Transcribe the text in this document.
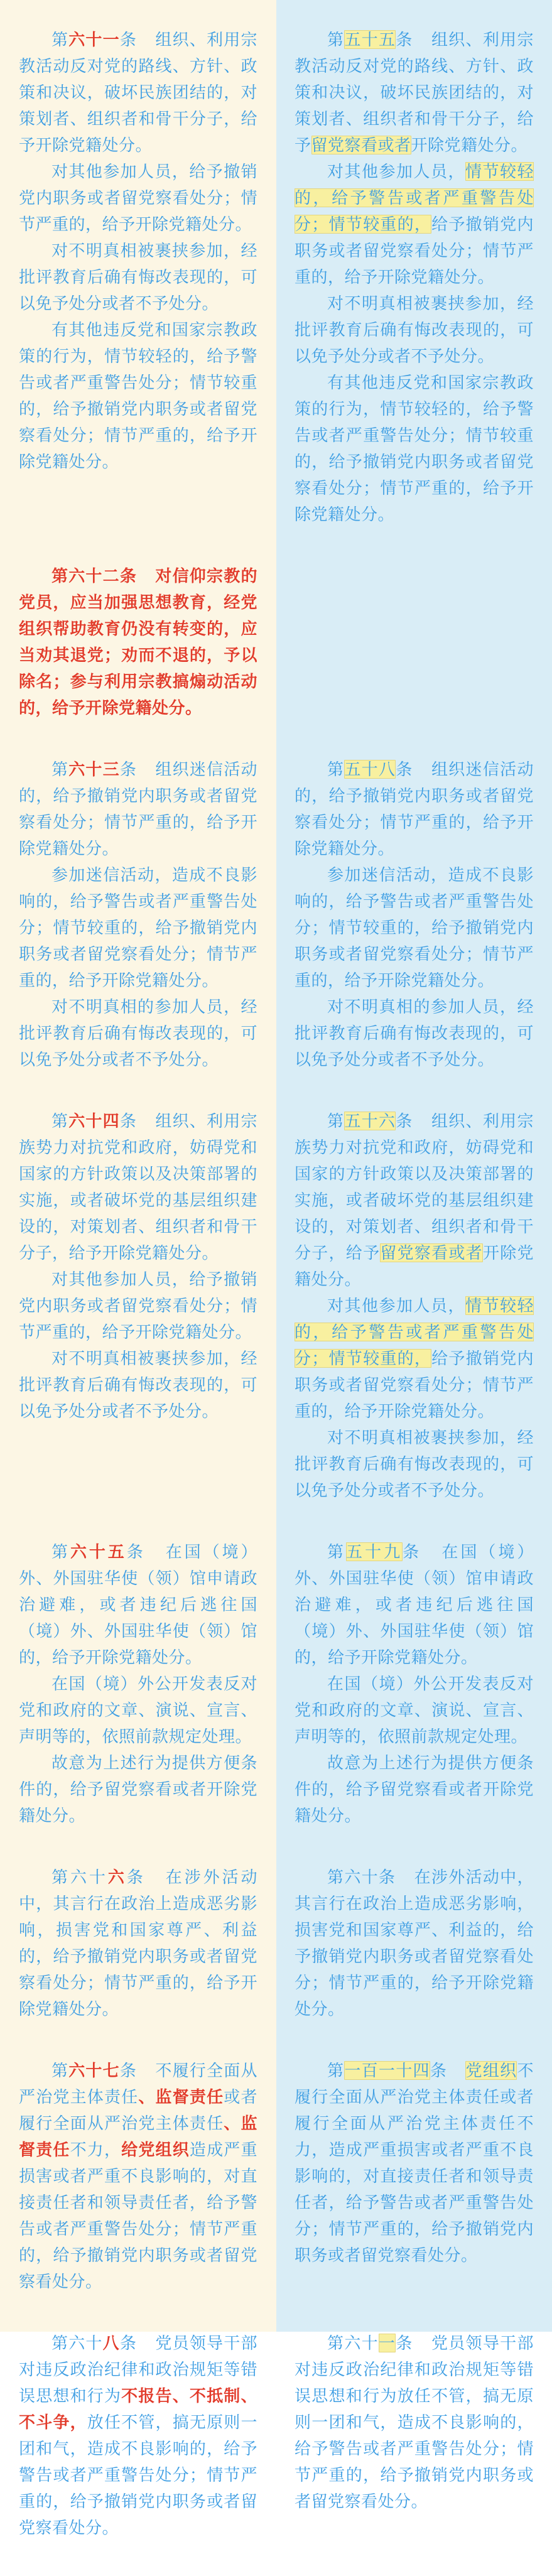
第六十一条 组织、利用宗教活动反对党的路线、方针、政策和决议，破坏民族团结的，对策划者、组织者和骨干分子，给予开除党籍处分。

对其他参加人员，给予撤销党内职务或者留党察看处分；情节严重的，给予开除党籍处分。

对不明真相被裹挟参加，经批评教育后确有悔改表现的，可以免予处分或者不予处分。

有其他违反党和国家宗教政策的行为，情节较轻的，给予警告或者严重警告处分；情节较重的，给予撤销党内职务或者留党察看处分；情节严重的，给予开除党籍处分。

第五十五条 组织、利用宗教活动反对党的路线、方针、政策和决议，破坏民族团结的，对策划者、组织者和骨干分子，给予留党察看或者开除党籍处分。

对其他参加人员，情节较轻的，给予警告或者严重警告处分；情节较重的，给予撤销党内职务或者留党察看处分；情节严重的，给予开除党籍处分。

对不明真相被裹挟参加，经批评教育后确有悔改表现的，可以免予处分或者不予处分。

有其他违反党和国家宗教政策的行为，情节较轻的，给予警告或者严重警告处分；情节较重的，给予撤销党内职务或者留党察看处分；情节严重的，给予开除党籍处分。

第六十二条 对信仰宗教的党员，应当加强思想教育，经党组织帮助教育仍没有转变的，应当劝其退党；劝而不退的，予以除名；参与利用宗教搞煽动活动的，给予开除党籍处分。

第六十三条 组织迷信活动的，给予撤销党内职务或者留党察看处分；情节严重的，给予开除党籍处分。

参加迷信活动，造成不良影响的，给予警告或者严重警告处分；情节较重的，给予撤销党内职务或者留党察看处分；情节严重的，给予开除党籍处分。

对不明真相的参加人员，经批评教育后确有悔改表现的，可以免予处分或者不予处分。

第五十八条 组织迷信活动的，给予撤销党内职务或者留党察看处分；情节严重的，给予开除党籍处分。

参加迷信活动，造成不良影响的，给予警告或者严重警告处分；情节较重的，给予撤销党内职务或者留党察看处分；情节严重的，给予开除党籍处分。

对不明真相的参加人员，经批评教育后确有悔改表现的，可以免予处分或者不予处分。

第六十四条 组织、利用宗族势力对抗党和政府，妨碍党和国家的方针政策以及决策部署的实施，或者破坏党的基层组织建设的，对策划者、组织者和骨干分子，给予开除党籍处分。

对其他参加人员，给予撤销党内职务或者留党察看处分；情节严重的，给予开除党籍处分。

对不明真相被裹挟参加，经批评教育后确有悔改表现的，可以免予处分或者不予处分。

第五十六条 组织、利用宗族势力对抗党和政府，妨碍党和国家的方针政策以及决策部署的实施，或者破坏党的基层组织建设的，对策划者、组织者和骨干分子，给予留党察看或者开除党籍处分。

对其他参加人员，情节较轻的，给予警告或者严重警告处分；情节较重的，给予撤销党内职务或者留党察看处分；情节严重的，给予开除党籍处分。

对不明真相被裹挟参加，经批评教育后确有悔改表现的，可以免予处分或者不予处分。

第六十五条 在国（境）外、外国驻华使（领）馆申请政治避难，或者违纪后逃往国（境）外、外国驻华使（领）馆的，给予开除党籍处分。

在国（境）外公开发表反对党和政府的文章、演说、宣言、声明等的，依照前款规定处理。

故意为上述行为提供方便条件的，给予留党察看或者开除党籍处分。

第五十九条 在国（境）外、外国驻华使（领）馆申请政治避难，或者违纪后逃往国（境）外、外国驻华使（领）馆的，给予开除党籍处分。

在国（境）外公开发表反对党和政府的文章、演说、宣言、声明等的，依照前款规定处理。

故意为上述行为提供方便条件的，给予留党察看或者开除党籍处分。

第六十六条 在涉外活动中，其言行在政治上造成恶劣影响，损害党和国家尊严、利益的，给予撤销党内职务或者留党察看处分；情节严重的，给予开除党籍处分。

第六十条 在涉外活动中，其言行在政治上造成恶劣影响，损害党和国家尊严、利益的，给予撤销党内职务或者留党察看处分；情节严重的，给予开除党籍处分。

第六十七条 不履行全面从严治党主体责任、监督责任或者履行全面从严治党主体责任、监督责任不力，给党组织造成严重损害或者严重不良影响的，对直接责任者和领导责任者，给予警告或者严重警告处分；情节严重的，给予撤销党内职务或者留党察看处分。

第一百一十四条 党组织不履行全面从严治党主体责任或者履行全面从严治党主体责任不力，造成严重损害或者严重不良影响的，对直接责任者和领导责任者，给予警告或者严重警告处分；情节严重的，给予撤销党内职务或者留党察看处分。

第六十八条 党员领导干部对违反政治纪律和政治规矩等错误思想和行为不报告、不抵制、不斗争，放任不管，搞无原则一团和气，造成不良影响的，给予警告或者严重警告处分；情节严重的，给予撤销党内职务或者留党察看处分。

第六十一条 党员领导干部对违反政治纪律和政治规矩等错误思想和行为放任不管，搞无原则一团和气，造成不良影响的，给予警告或者严重警告处分；情节严重的，给予撤销党内职务或者留党察看处分。
